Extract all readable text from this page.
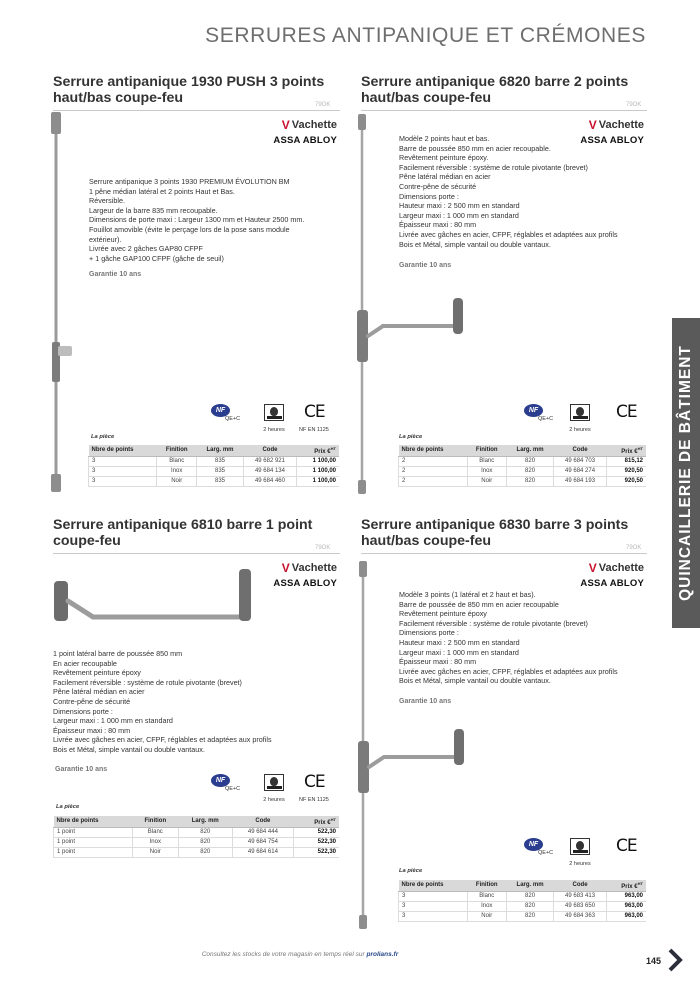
SERRURES ANTIPANIQUE ET CRÉMONES
QUINCAILLERIE DE BÂTIMENT
Serrure antipanique 1930 PUSH 3 points
haut/bas coupe-feu	79OK
V Vachette
ASSA ABLOY

Serrure antipanique 3 points 1930 PREMIUM ÉVOLUTION BM

1 pêne médian latéral et 2 points Haut et Bas.

Réversible.

Largeur de la barre 835 mm recoupable.

Dimensions de porte maxi : Largeur 1300 mm et Hauteur 2500 mm.

Fouillot amovible (évite le perçage lors de la pose sans module

extérieur).

Livrée avec 2 gâches GAP80 CFPF

+ 1 gâche GAP100 CFPF (gâche de seuil)

Garantie 10 ans
NF
QE+C
2 heures
CE
NF EN 1125
La pièce
Nbre de points	Finition	Larg. mm	Code	Prix €$^{HT}$
3	Blanc	835	49 682 921	1 100,00
3	Inox	835	49 684 134	1 100,00
3	Noir	835	49 684 460	1 100,00
Serrure antipanique 6820 barre 2 points
haut/bas coupe-feu	79OK
V Vachette
ASSA ABLOY

Modèle 2 points haut et bas.

Barre de poussée 850 mm en acier recoupable.

Revêtement peinture époxy.

Facilement réversible : système de rotule pivotante (brevet)

Pêne latéral médian en acier

Contre-pêne de sécurité

Dimensions porte :

Hauteur maxi : 2 500 mm en standard

Largeur maxi : 1 000 mm en standard

Épaisseur maxi : 80 mm

Livrée avec gâches en acier, CFPF, réglables et adaptées aux profils

Bois et Métal, simple vantail ou double vantaux.

Garantie 10 ans
NF
QE+C
2 heures
CE
La pièce
Nbre de points	Finition	Larg. mm	Code	Prix €$^{HT}$
2	Blanc	820	49 684 703	815,12
2	Inox	820	49 684 274	920,50
2	Noir	820	49 684 193	920,50
Serrure antipanique 6810 barre 1 point
coupe-feu	79OK
V Vachette
ASSA ABLOY

1 point latéral barre de poussée 850 mm

En acier recoupable

Revêtement peinture époxy

Facilement réversible : système de rotule pivotante (brevet)

Pêne latéral médian en acier

Contre-pêne de sécurité

Dimensions porte :

Largeur maxi : 1 000 mm en standard

Épaisseur maxi : 80 mm

Livrée avec gâches en acier, CFPF, réglables et adaptées aux profils

Bois et Métal, simple vantail ou double vantaux.

Garantie 10 ans
NF
QE+C
2 heures
CE
NF EN 1125
La pièce
Nbre de points	Finition	Larg. mm	Code	Prix €$^{HT}$
1 point	Blanc	820	49 684 444	522,30
1 point	Inox	820	49 684 754	522,30
1 point	Noir	820	49 684 614	522,30
Serrure antipanique 6830 barre 3 points
haut/bas coupe-feu	79OK
V Vachette
ASSA ABLOY

Modèle 3 points (1 latéral et 2 haut et bas).

Barre de poussée de 850 mm en acier recoupable

Revêtement peinture époxy

Facilement réversible : système de rotule pivotante (brevet)

Dimensions porte :

Hauteur maxi : 2 500 mm en standard

Largeur maxi : 1 000 mm en standard

Épaisseur maxi : 80 mm

Livrée avec gâches en acier, CFPF, réglables et adaptées aux profils

Bois et Métal, simple vantail ou double vantaux.

Garantie 10 ans
NF
QE+C
2 heures
CE
La pièce
Nbre de points	Finition	Larg. mm	Code	Prix €$^{HT}$
3	Blanc	820	49 683 413	963,00
3	Inox	820	49 683 650	963,00
3	Noir	820	49 684 363	963,00
Consultez les stocks de votre magasin en temps réel sur prolians.fr
145
